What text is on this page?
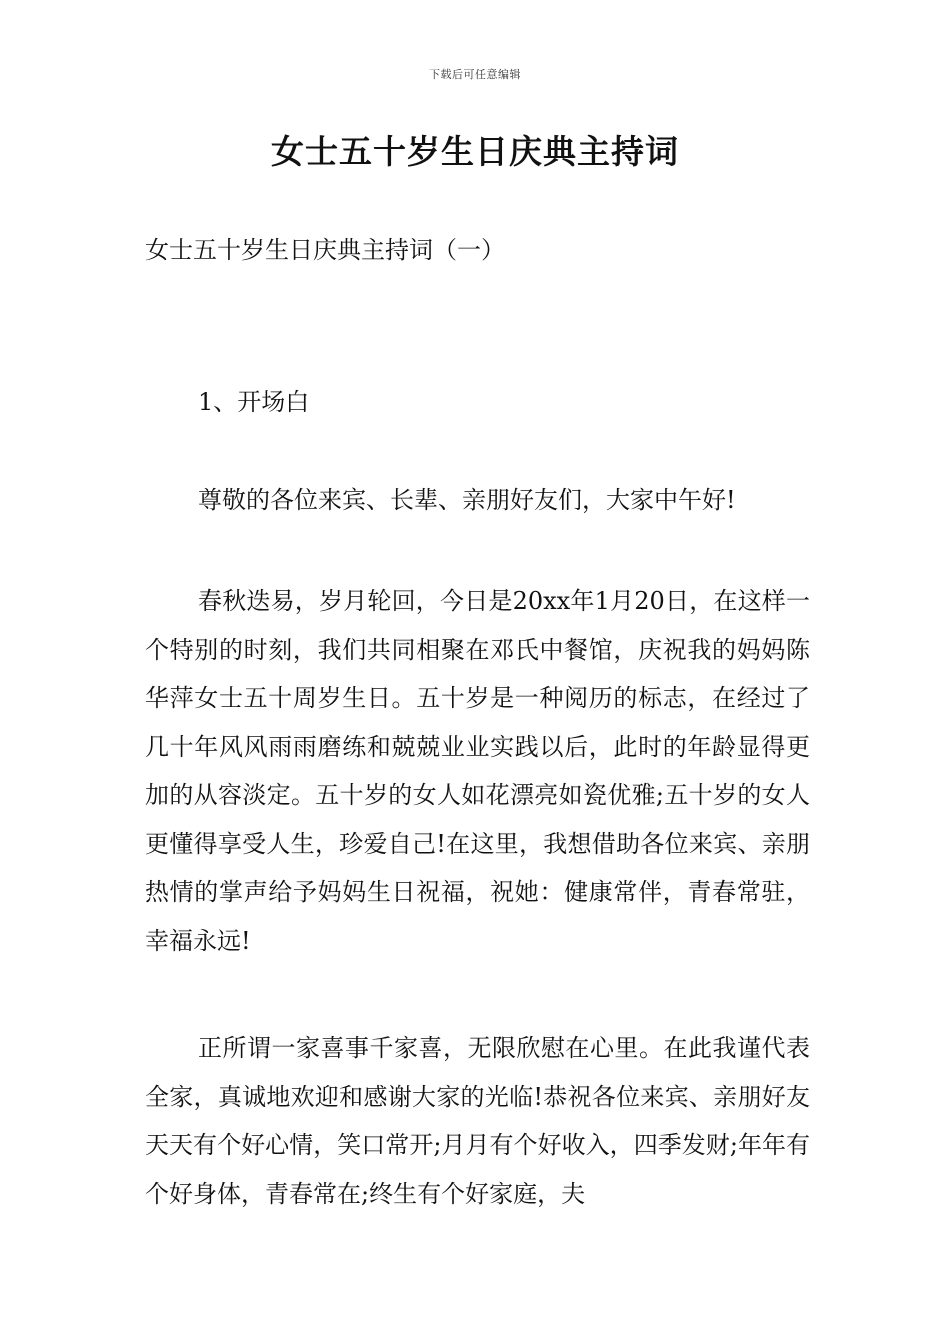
下载后可任意编辑
女士五十岁生日庆典主持词
女士五十岁生日庆典主持词（一）
1、开场白

尊敬的各位来宾、长辈、亲朋好友们，大家中午好!

春秋迭易，岁月轮回，今日是20xx年1月20日，在这样一个特别的时刻，我们共同相聚在邓氏中餐馆，庆祝我的妈妈陈华萍女士五十周岁生日。五十岁是一种阅历的标志，在经过了几十年风风雨雨磨练和兢兢业业实践以后，此时的年龄显得更加的从容淡定。五十岁的女人如花漂亮如瓷优雅;五十岁的女人更懂得享受人生，珍爱自己!在这里，我想借助各位来宾、亲朋热情的掌声给予妈妈生日祝福，祝她：健康常伴，青春常驻，幸福永远!

正所谓一家喜事千家喜，无限欣慰在心里。在此我谨代表全家，真诚地欢迎和感谢大家的光临!恭祝各位来宾、亲朋好友天天有个好心情，笑口常开;月月有个好收入，四季发财;年年有个好身体，青春常在;终生有个好家庭，夫
